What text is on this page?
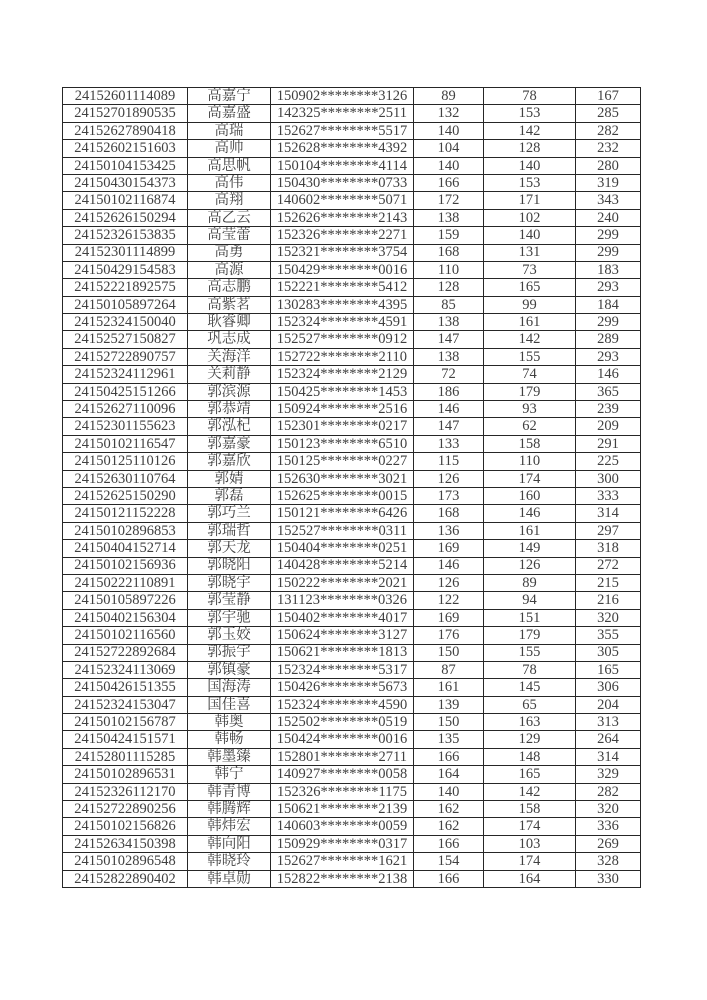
24152601114089	高嘉宁	150902********3126	89	78	167
24152701890535	高嘉盛	142325********2511	132	153	285
24152627890418	高瑞	152627********5517	140	142	282
24152602151603	高帅	152628********4392	104	128	232
24150104153425	高思帆	150104********4114	140	140	280
24150430154373	高伟	150430********0733	166	153	319
24150102116874	高翔	140602********5071	172	171	343
24152626150294	高乙云	152626********2143	138	102	240
24152326153835	高莹蕾	152326********2271	159	140	299
24152301114899	高勇	152321********3754	168	131	299
24150429154583	高源	150429********0016	110	73	183
24152221892575	高志鹏	152221********5412	128	165	293
24150105897264	高紫茗	130283********4395	85	99	184
24152324150040	耿睿卿	152324********4591	138	161	299
24152527150827	巩志成	152527********0912	147	142	289
24152722890757	关海洋	152722********2110	138	155	293
24152324112961	关莉静	152324********2129	72	74	146
24150425151266	郭滨源	150425********1453	186	179	365
24152627110096	郭恭靖	150924********2516	146	93	239
24152301155623	郭泓杞	152301********0217	147	62	209
24150102116547	郭嘉豪	150123********6510	133	158	291
24150125110126	郭嘉欣	150125********0227	115	110	225
24152630110764	郭婧	152630********3021	126	174	300
24152625150290	郭磊	152625********0015	173	160	333
24150121152228	郭巧兰	150121********6426	168	146	314
24150102896853	郭瑞哲	152527********0311	136	161	297
24150404152714	郭天龙	150404********0251	169	149	318
24150102156936	郭晓阳	140428********5214	146	126	272
24150222110891	郭晓宇	150222********2021	126	89	215
24150105897226	郭莹静	131123********0326	122	94	216
24150402156304	郭宇驰	150402********4017	169	151	320
24150102116560	郭玉姣	150624********3127	176	179	355
24152722892684	郭振宇	150621********1813	150	155	305
24152324113069	郭镇豪	152324********5317	87	78	165
24150426151355	国海涛	150426********5673	161	145	306
24152324153047	国佳喜	152324********4590	139	65	204
24150102156787	韩奥	152502********0519	150	163	313
24150424151571	韩畅	150424********0016	135	129	264
24152801115285	韩墨臻	152801********2711	166	148	314
24150102896531	韩宁	140927********0058	164	165	329
24152326112170	韩青博	152326********1175	140	142	282
24152722890256	韩腾辉	150621********2139	162	158	320
24150102156826	韩炜宏	140603********0059	162	174	336
24152634150398	韩向阳	150929********0317	166	103	269
24150102896548	韩晓玲	152627********1621	154	174	328
24152822890402	韩卓勋	152822********2138	166	164	330
